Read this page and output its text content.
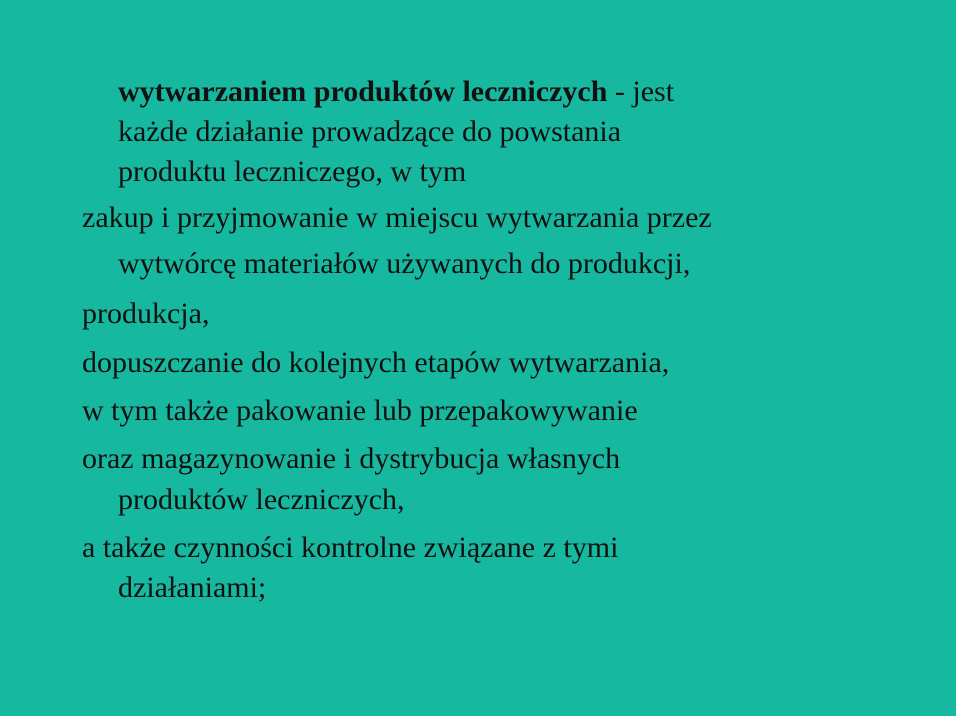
wytwarzaniem produktów leczniczych - jest
każde działanie prowadzące do powstania
produktu leczniczego, w tym
zakup i przyjmowanie w miejscu wytwarzania przez
wytwórcę materiałów używanych do produkcji,
produkcja,
dopuszczanie do kolejnych etapów wytwarzania,
w tym także pakowanie lub przepakowywanie
oraz magazynowanie i dystrybucja własnych
produktów leczniczych,
a także czynności kontrolne związane z tymi
działaniami;
